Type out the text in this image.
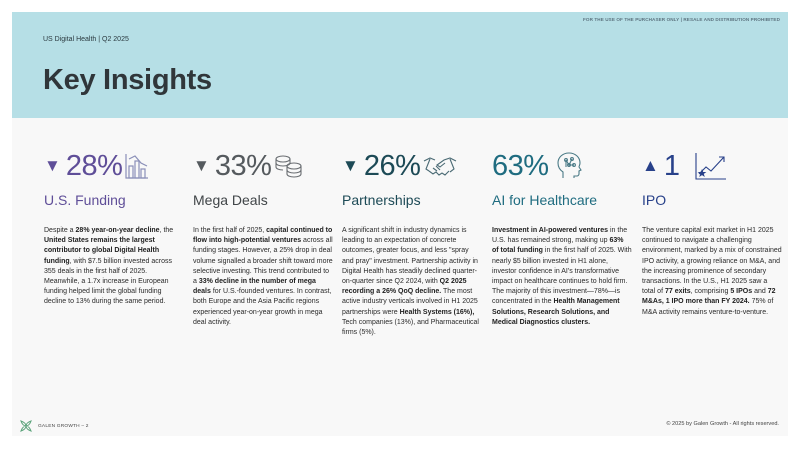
FOR THE USE OF THE PURCHASER ONLY | RESALE AND DISTRIBUTION PROHIBITED
US Digital Health | Q2 2025
Key Insights
▼ 28%
U.S. Funding
Despite a 28% year-on-year decline, the United States remains the largest contributor to global Digital Health funding, with $7.5 billion invested across 355 deals in the first half of 2025. Meanwhile, a 1.7x increase in European funding helped limit the global funding decline to 13% during the same period.
▼ 33%
Mega Deals
In the first half of 2025, capital continued to flow into high-potential ventures across all funding stages. However, a 25% drop in deal volume signalled a broader shift toward more selective investing. This trend contributed to a 33% decline in the number of mega deals for U.S.-founded ventures. In contrast, both Europe and the Asia Pacific regions experienced year-on-year growth in mega deal activity.
▼ 26%
Partnerships
A significant shift in industry dynamics is leading to an expectation of concrete outcomes, greater focus, and less "spray and pray" investment. Partnership activity in Digital Health has steadily declined quarter-on-quarter since Q2 2024, with Q2 2025 recording a 26% QoQ decline. The most active industry verticals involved in H1 2025 partnerships were Health Systems (16%), Tech companies (13%), and Pharmaceutical firms (5%).
63%
AI for Healthcare
Investment in AI-powered ventures in the U.S. has remained strong, making up 63% of total funding in the first half of 2025. With nearly $5 billion invested in H1 alone, investor confidence in AI's transformative impact on healthcare continues to hold firm. The majority of this investment—78%—is concentrated in the Health Management Solutions, Research Solutions, and Medical Diagnostics clusters.
▲ 1
IPO
The venture capital exit market in H1 2025 continued to navigate a challenging environment, marked by a mix of constrained IPO activity, a growing reliance on M&A, and the increasing prominence of secondary transactions. In the U.S., H1 2025 saw a total of 77 exits, comprising 5 IPOs and 72 M&As, 1 IPO more than FY 2024. 75% of M&A activity remains venture-to-venture.
GALEN GROWTH – 2	© 2025 by Galen Growth - All rights reserved.
